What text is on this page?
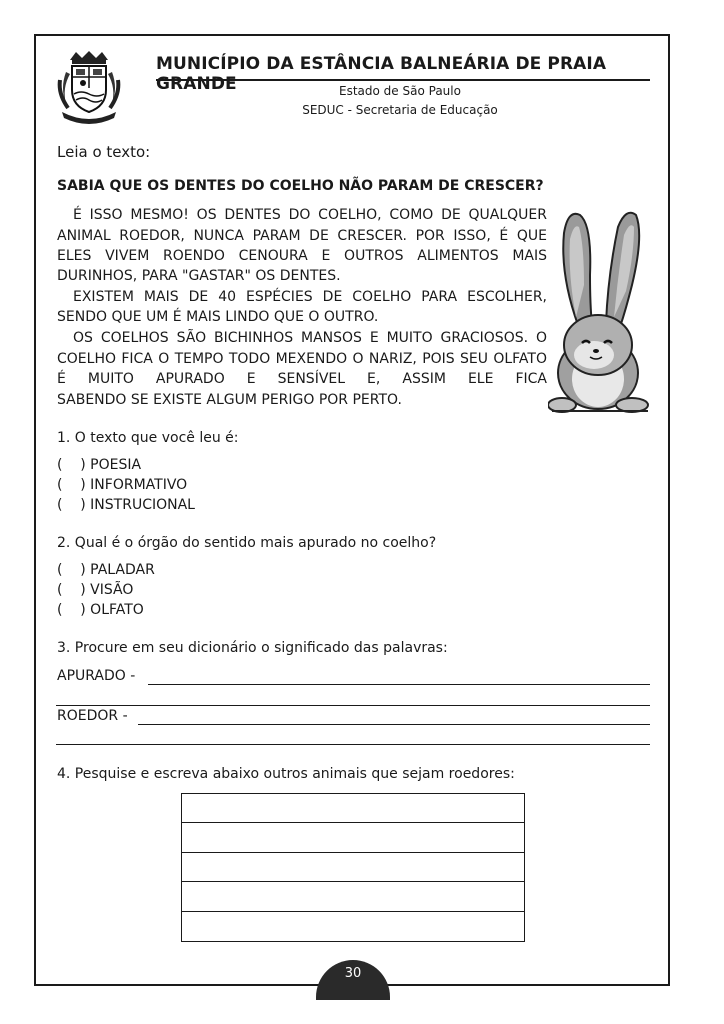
MUNICÍPIO DA ESTÂNCIA BALNEÁRIA DE PRAIA GRANDE	Estado de São Paulo
SEDUC - Secretaria de Educação
Leia o texto:
SABIA QUE OS DENTES DO COELHO NÃO PARAM DE CRESCER?

É ISSO MESMO! OS DENTES DO COELHO, COMO DE QUALQUER ANIMAL ROEDOR, NUNCA PARAM DE CRESCER. POR ISSO, É QUE ELES VIVEM ROENDO CENOURA E OUTROS ALIMENTOS MAIS

DURINHOS, PARA "GASTAR" OS DENTES.

EXISTEM MAIS DE 40 ESPÉCIES DE COELHO PARA ESCOLHER,

SENDO QUE UM É MAIS LINDO QUE O OUTRO.

OS COELHOS SÃO BICHINHOS MANSOS E MUITO GRACIOSOS. O COELHO FICA O TEMPO TODO MEXENDO O NARIZ, POIS SEU OLFATO É MUITO APURADO E SENSÍVEL E, ASSIM ELE FICA

SABENDO SE EXISTE ALGUM PERIGO POR PERTO.

1. O texto que você leu é:
(    ) POESIA
(    ) INFORMATIVO
(    ) INSTRUCIONAL
2. Qual é o órgão do sentido mais apurado no coelho?
(    ) PALADAR
(    ) VISÃO
(    ) OLFATO
3. Procure em seu dicionário o significado das palavras:
APURADO -
ROEDOR -
4. Pesquise e escreva abaixo outros animais que sejam roedores:
30
